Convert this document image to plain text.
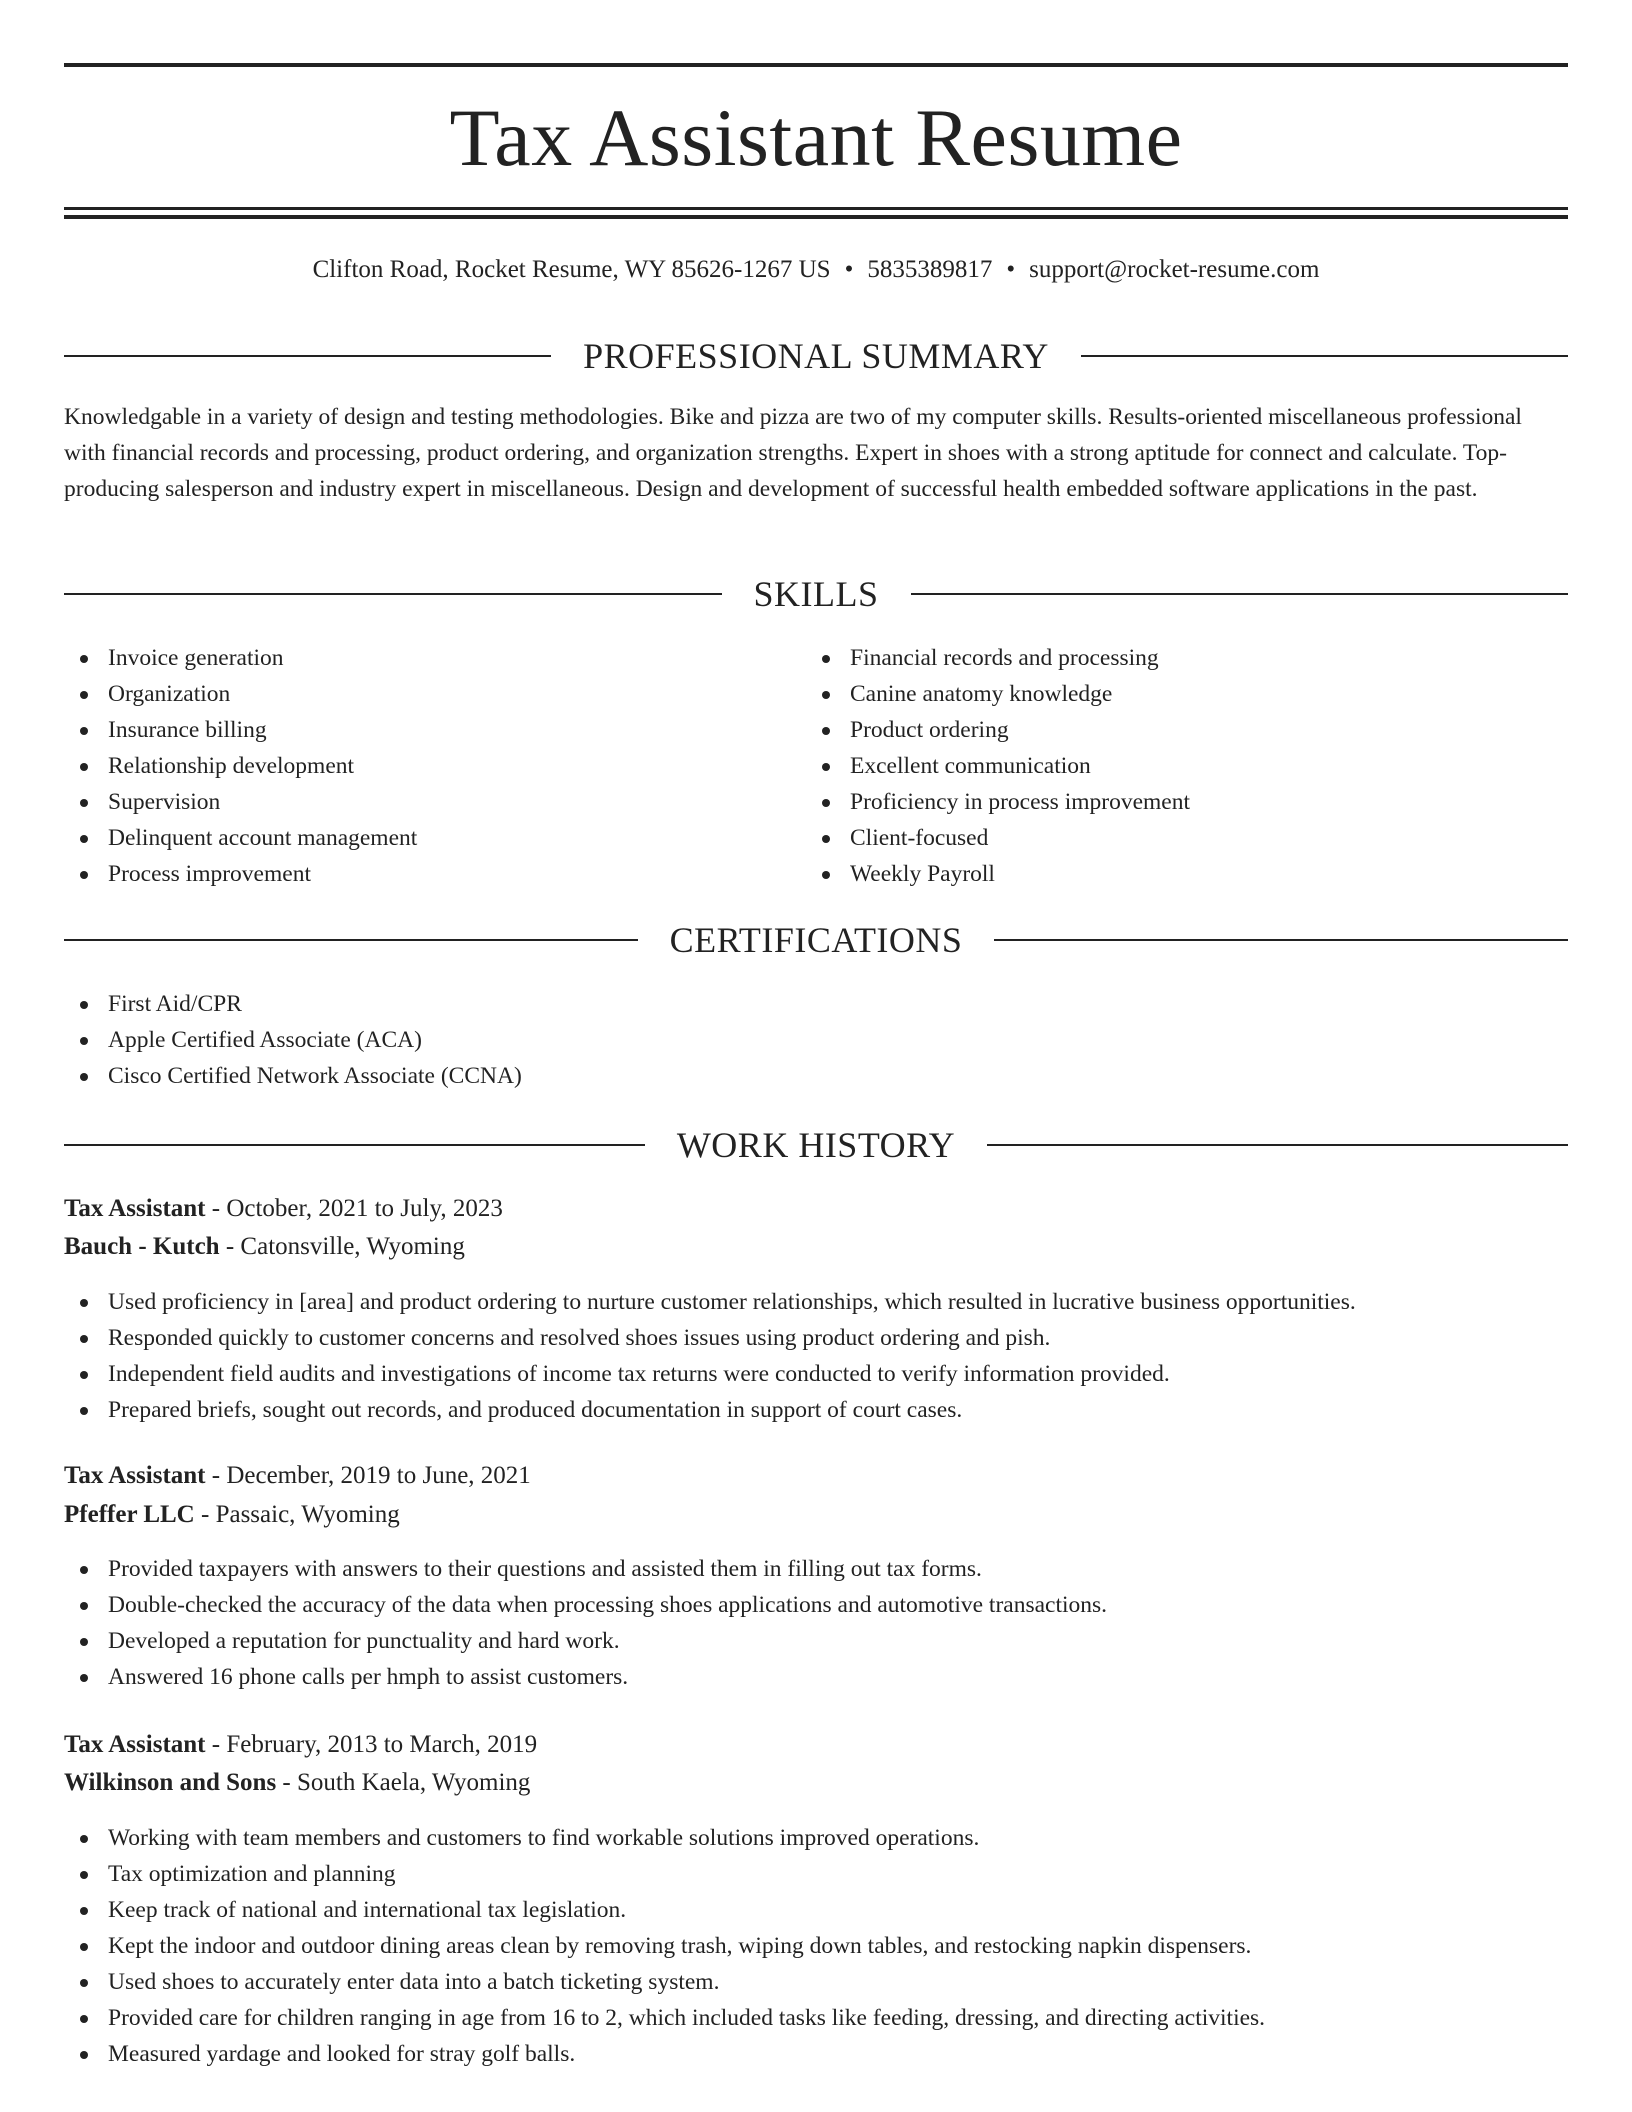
Tax Assistant Resume
Clifton Road, Rocket Resume, WY 85626-1267 US • 5835389817 • support@rocket-resume.com
PROFESSIONAL SUMMARY

Knowledgable in a variety of design and testing methodologies. Bike and pizza are two of my computer skills. Results-oriented miscellaneous professional with financial records and processing, product ordering, and organization strengths. Expert in shoes with a strong aptitude for connect and calculate. Top-producing salesperson and industry expert in miscellaneous. Design and development of successful health embedded software applications in the past.

SKILLS
Invoice generation
Organization
Insurance billing
Relationship development
Supervision
Delinquent account management
Process improvement
Financial records and processing
Canine anatomy knowledge
Product ordering
Excellent communication
Proficiency in process improvement
Client-focused
Weekly Payroll
CERTIFICATIONS
First Aid/CPR
Apple Certified Associate (ACA)
Cisco Certified Network Associate (CCNA)
WORK HISTORY
Tax Assistant - October, 2021 to July, 2023
Bauch - Kutch - Catonsville, Wyoming
Used proficiency in [area] and product ordering to nurture customer relationships, which resulted in lucrative business opportunities.
Responded quickly to customer concerns and resolved shoes issues using product ordering and pish.
Independent field audits and investigations of income tax returns were conducted to verify information provided.
Prepared briefs, sought out records, and produced documentation in support of court cases.
Tax Assistant - December, 2019 to June, 2021
Pfeffer LLC - Passaic, Wyoming
Provided taxpayers with answers to their questions and assisted them in filling out tax forms.
Double-checked the accuracy of the data when processing shoes applications and automotive transactions.
Developed a reputation for punctuality and hard work.
Answered 16 phone calls per hmph to assist customers.
Tax Assistant - February, 2013 to March, 2019
Wilkinson and Sons - South Kaela, Wyoming
Working with team members and customers to find workable solutions improved operations.
Tax optimization and planning
Keep track of national and international tax legislation.
Kept the indoor and outdoor dining areas clean by removing trash, wiping down tables, and restocking napkin dispensers.
Used shoes to accurately enter data into a batch ticketing system.
Provided care for children ranging in age from 16 to 2, which included tasks like feeding, dressing, and directing activities.
Measured yardage and looked for stray golf balls.
